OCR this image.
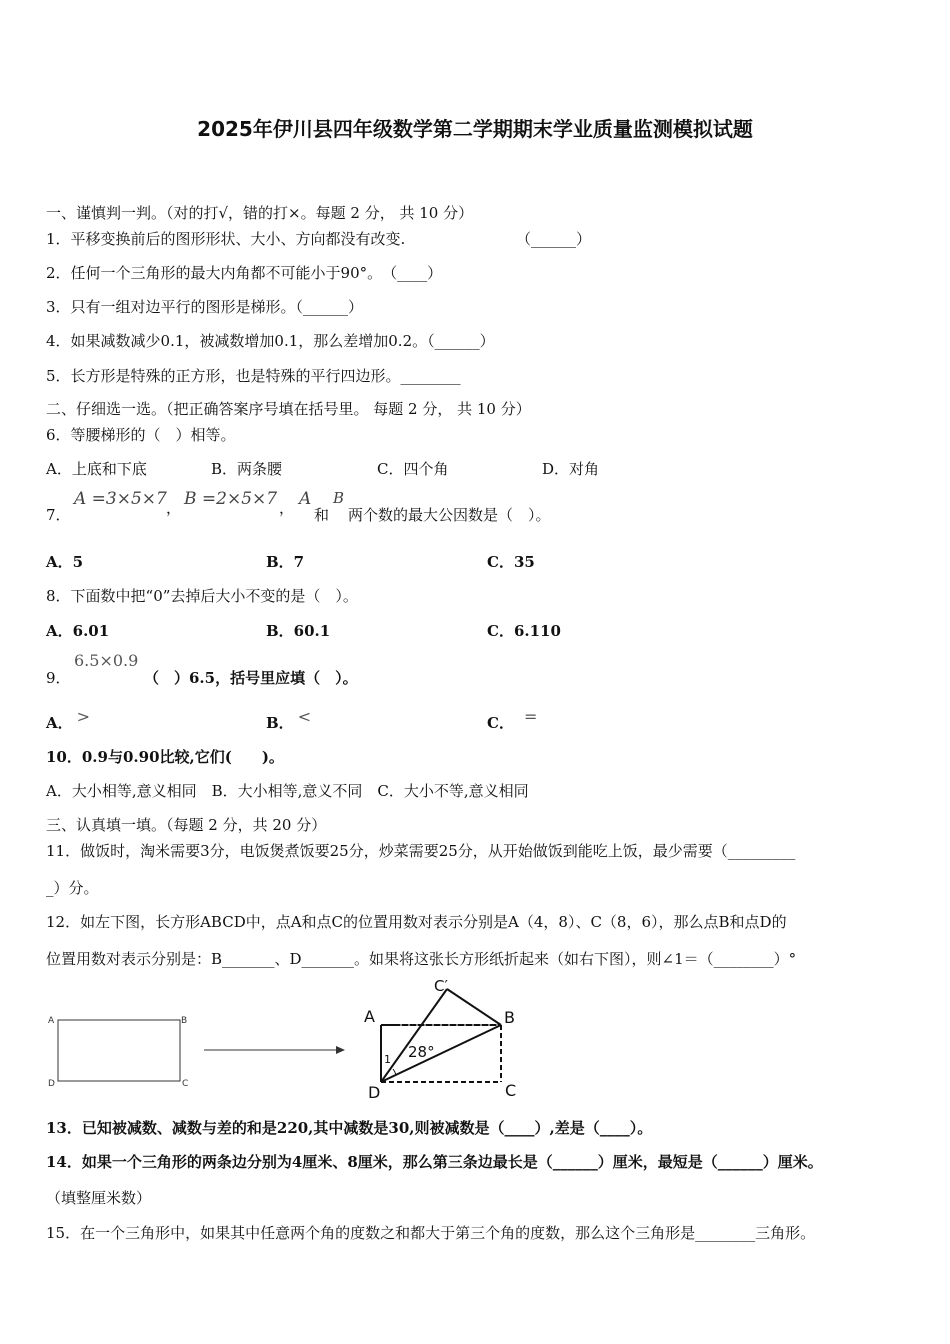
2025年伊川县四年级数学第二学期期末学业质量监测模拟试题
一、谨慎判一判。（对的打√，错的打×。每题 2 分， 共 10 分）
1．平移变换前后的图形形状、大小、方向都没有改变.	（______）
2．任何一个三角形的最大内角都不可能小于90°。　（____）
3．只有一组对边平行的图形是梯形。（______）
4．如果减数减少0.1，被减数增加0.1，那么差增加0.2。（______）
5．长方形是特殊的正方形，也是特殊的平行四边形。________
二、仔细选一选。（把正确答案序号填在括号里。 每题 2 分， 共 10 分）
6．等腰梯形的（　）相等。
A．上底和下底	B．两条腰	C．四个角	D．对角
7．
A =3×5×7 ， B =2×5×7 ， A
和
B
两个数的最大公因数是（　）。
A．5	B．7	C．35
8．下面数中把“0”去掉后大小不变的是（　）。
A．6.01	B．60.1	C．6.110
9．
6.5×0.9
（　）6.5，括号里应填（　）。
A． >	B． <	C． =
10．0.9与0.90比较,它们(　　)。
A．大小相等,意义相同　B．大小相等,意义不同　C．大小不等,意义相同
三、认真填一填。（每题 2 分，共 20 分）
11．做饭时，淘米需要3分，电饭煲煮饭要25分，炒菜需要25分，从开始做饭到能吃上饭，最少需要（_________
_）分。
12．如左下图，长方形ABCD中，点A和点C的位置用数对表示分别是A（4，8）、C（8，6），那么点B和点D的
位置用数对表示分别是：B_______、D_______。如果将这张长方形纸折起来（如右下图），则∠1＝（________）°
A	B
D	C
A	B
C
D
C′
28°
1
13．已知被减数、减数与差的和是220,其中减数是30,则被减数是（____）,差是（____）。
14．如果一个三角形的两条边分别为4厘米、8厘米，那么第三条边最长是（______）厘米，最短是（______）厘米。
（填整厘米数）
15．在一个三角形中，如果其中任意两个角的度数之和都大于第三个角的度数，那么这个三角形是________三角形。
